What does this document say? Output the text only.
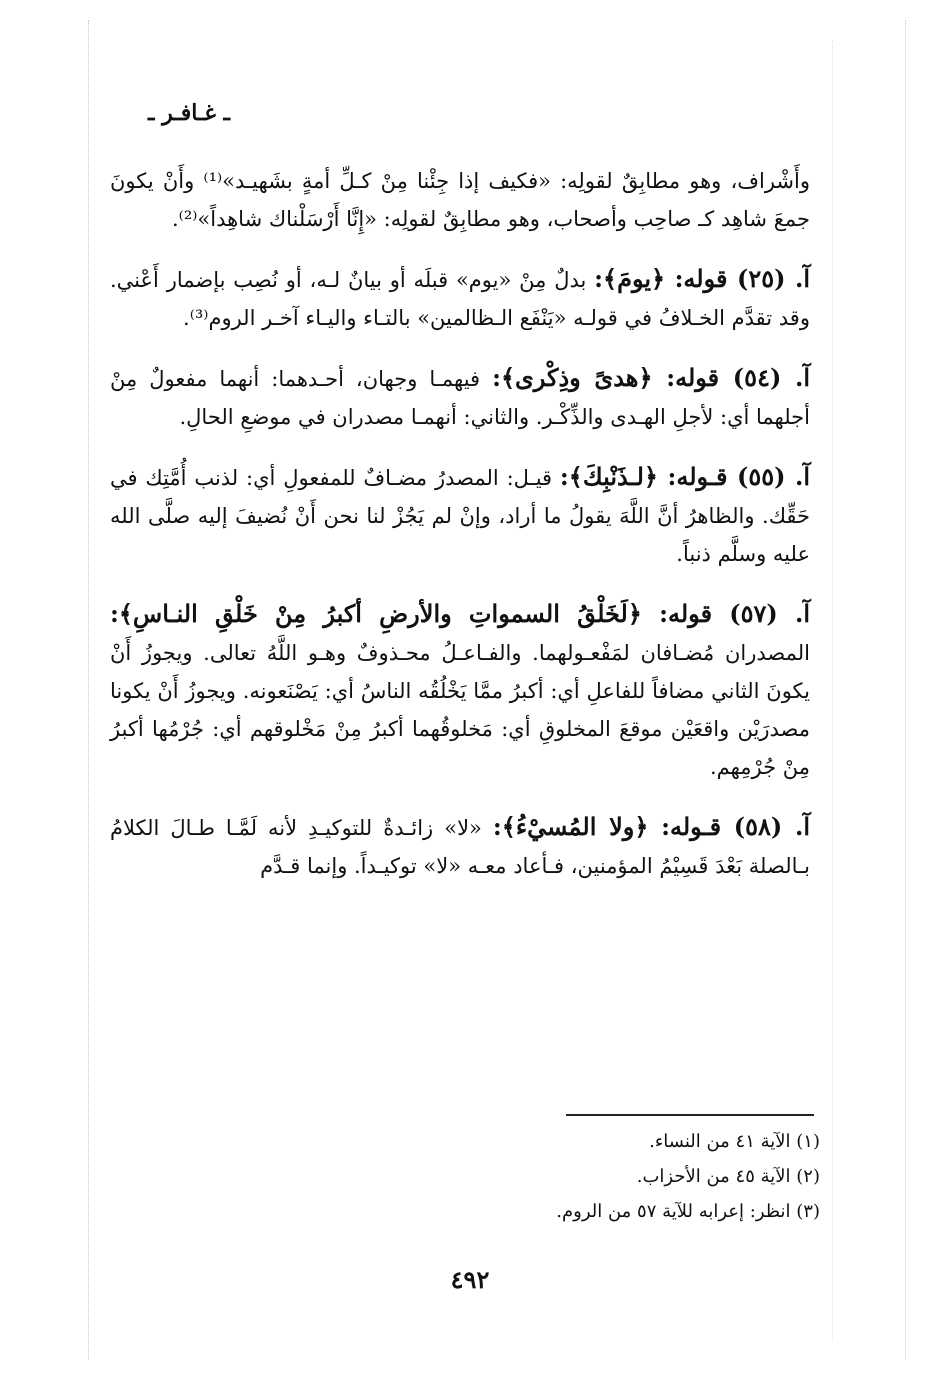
ـ غـافـر ـ

وأَشْراف، وهو مطابِقٌ لقولِه: «فكيف إذا جِئْنا مِنْ كـلِّ أمةٍ بشَهيـد»⁽¹⁾ وأَنْ يكونَ جمعَ شاهِد كـ صاحِب وأصحاب، وهو مطابِقٌ لقولِه: «إِنَّا أَرْسَلْناك شاهِداً»⁽²⁾.

آ. (٢٥) قوله: ﴿يومَ﴾: بدلٌ مِنْ «يوم» قبلَه أو بيانٌ لـه، أو نُصِب بإضمار أَعْني. وقد تقدَّم الخـلافُ في قولـه «يَنْفَع الـظالمين» بالتـاء واليـاء آخـر الروم⁽³⁾.

آ. (٥٤) قوله: ﴿هدىً وذِكْرى﴾: فيهمـا وجهان، أحـدهما: أنهما مفعولٌ مِنْ أجلهما أي: لأجلِ الهـدى والذِّكْـر. والثاني: أنهمـا مصدران في موضعِ الحالِ.

آ. (٥٥) قـوله: ﴿لـذَنْبِكَ﴾: قيـل: المصدرُ مضـافٌ للمفعولِ أي: لذنب أُمَّتِك في حَقِّك. والظاهرُ أنَّ اللَّهَ يقولُ ما أراد، وإنْ لم يَجُزْ لنا نحن أَنْ نُضيفَ إليه صلَّى الله عليه وسلَّم ذنباً.

آ. (٥٧) قوله: ﴿لَخَلْقُ السمواتِ والأرضِ أكبرُ مِنْ خَلْقِ النـاسِ﴾: المصدران مُضـافان لمَفْعـولهما. والفـاعـلُ محـذوفٌ وهـو اللَّهُ تعالى. ويجوزُ أَنْ يكونَ الثاني مضافاً للفاعلِ أي: أكبرُ ممَّا يَخْلُقُه الناسُ أي: يَصْنَعونه. ويجوزُ أَنْ يكونا مصدرَيْن واقعَيْن موقعَ المخلوقِ أي: مَخلوقُهما أكبرُ مِنْ مَخْلوقهم أي: جُرْمُها أكبرُ مِنْ جُرْمِهم.

آ. (٥٨) قـوله: ﴿ولا المُسيْءُ﴾: «لا» زائـدةٌ للتوكيـدِ لأنه لَمَّـا طـالَ الكلامُ بـالصلة بَعْدَ قَسِيْمُ المؤمنين، فـأعاد معـه «لا» توكيـداً. وإنما قـدَّم

(١) الآية ٤١ من النساء.
(٢) الآية ٤٥ من الأحزاب.
(٣) انظر: إعرابه للآية ٥٧ من الروم.
٤٩٢
